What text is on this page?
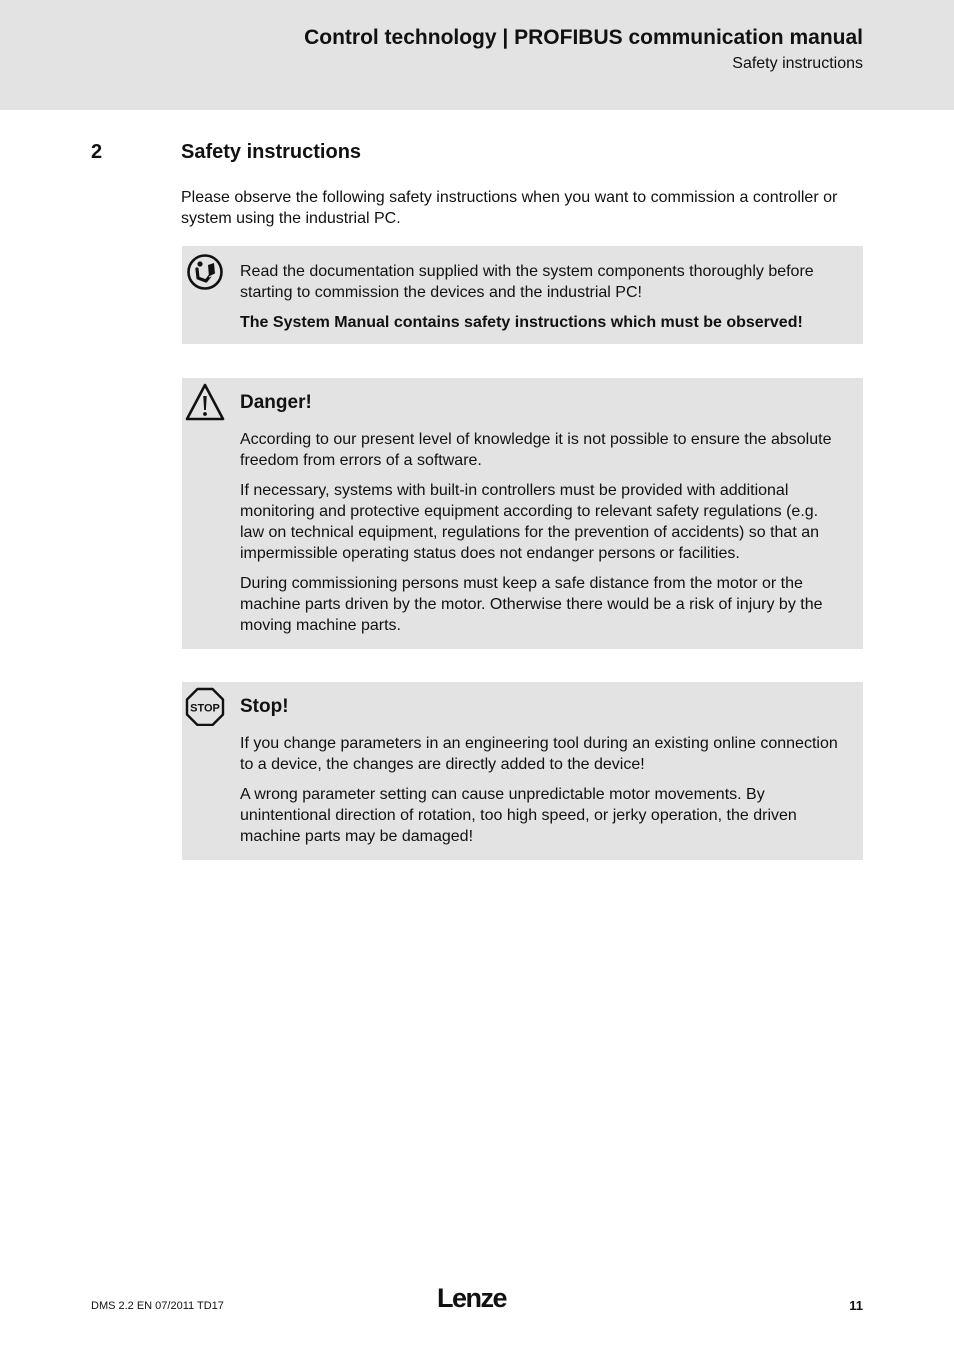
Control technology | PROFIBUS communication manual
Safety instructions
2	Safety instructions

Please observe the following safety instructions when you want to commission a controller or system using the industrial PC.

Read the documentation supplied with the system components thoroughly before starting to commission the devices and the industrial PC!

The System Manual contains safety instructions which must be observed!

Danger!

According to our present level of knowledge it is not possible to ensure the absolute freedom from errors of a software.

If necessary, systems with built-in controllers must be provided with additional monitoring and protective equipment according to relevant safety regulations (e.g. law on technical equipment, regulations for the prevention of accidents) so that an impermissible operating status does not endanger persons or facilities.

During commissioning persons must keep a safe distance from the motor or the machine parts driven by the motor. Otherwise there would be a risk of injury by the moving machine parts.

STOP Stop!

If you change parameters in an engineering tool during an existing online connection to a device, the changes are directly added to the device!

A wrong parameter setting can cause unpredictable motor movements. By unintentional direction of rotation, too high speed, or jerky operation, the driven machine parts may be damaged!

DMS 2.2 EN 07/2011 TD17	Lenze	11
